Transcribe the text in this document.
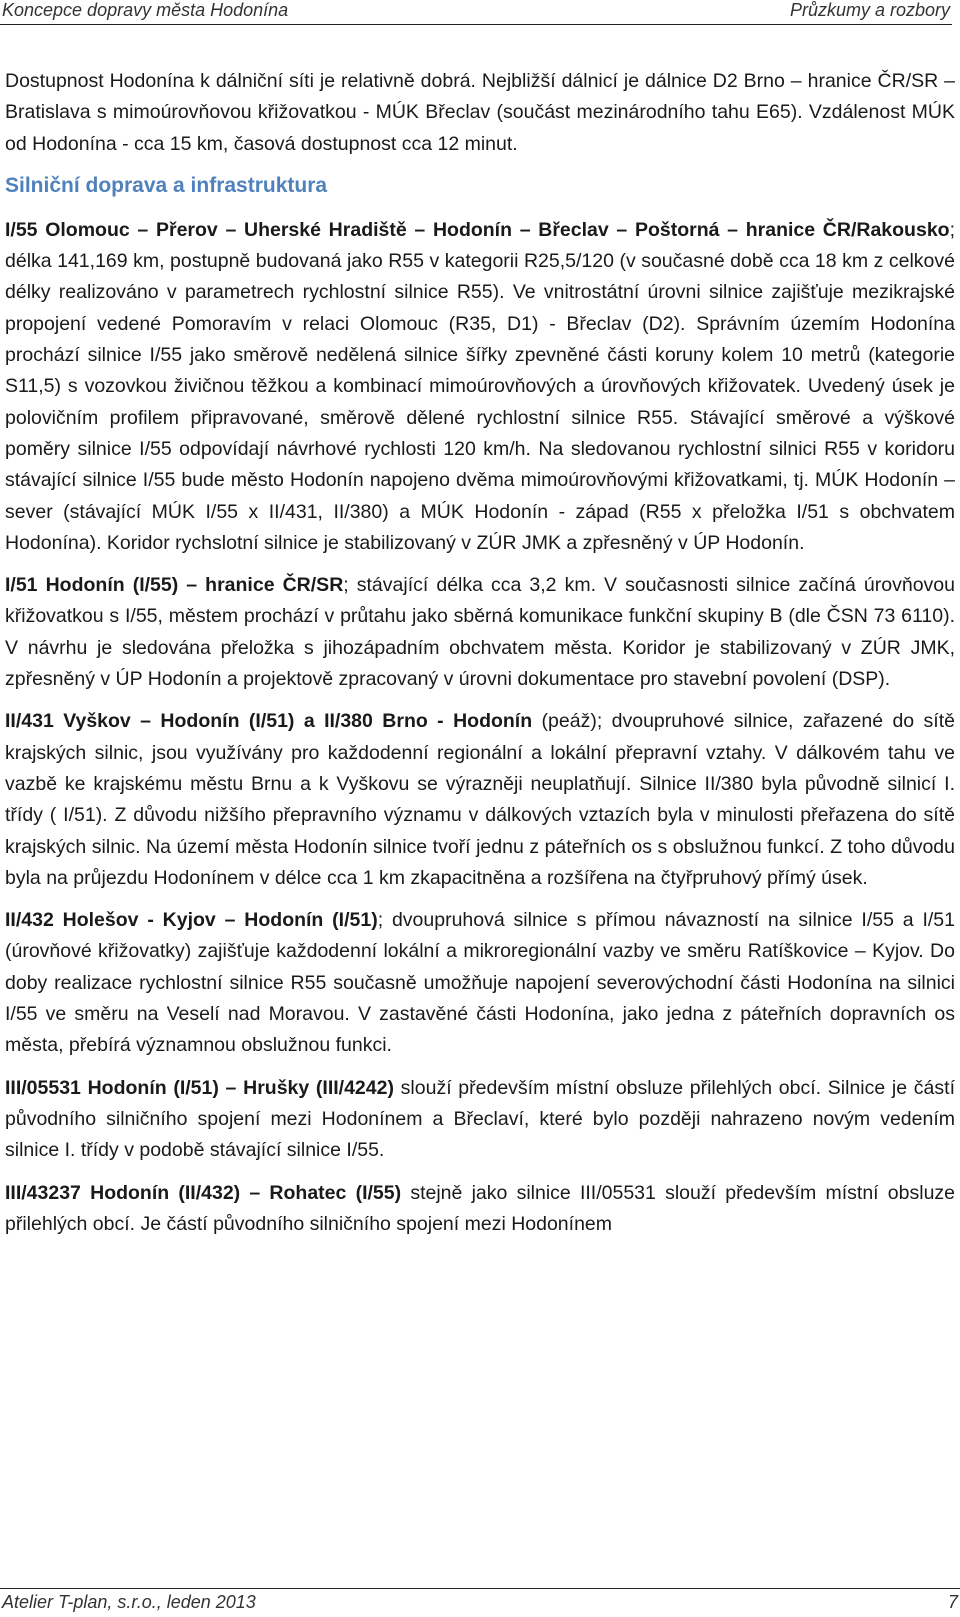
Koncepce dopravy města Hodonína	Průzkumy a rozbory

Dostupnost Hodonína k dálniční síti je relativně dobrá. Nejbližší dálnicí je dálnice D2 Brno – hranice ČR/SR – Bratislava s mimoúrovňovou křižovatkou - MÚK Břeclav (součást mezinárodního tahu E65). Vzdálenost MÚK od Hodonína - cca 15 km, časová dostupnost cca 12 minut.

Silniční doprava a infrastruktura

I/55 Olomouc – Přerov – Uherské Hradiště – Hodonín – Břeclav – Poštorná – hranice ČR/Rakousko; délka 141,169 km, postupně budovaná jako R55 v kategorii R25,5/120 (v současné době cca 18 km z celkové délky realizováno v parametrech rychlostní silnice R55). Ve vnitrostátní úrovni silnice zajišťuje mezikrajské propojení vedené Pomoravím v relaci Olomouc (R35, D1) - Břeclav (D2). Správním územím Hodonína prochází silnice I/55 jako směrově nedělená silnice šířky zpevněné části koruny kolem 10 metrů (kategorie S11,5) s vozovkou živičnou těžkou a kombinací mimoúrovňových a úrovňových křižovatek. Uvedený úsek je polovičním profilem připravované, směrově dělené rychlostní silnice R55. Stávající směrové a výškové poměry silnice I/55 odpovídají návrhové rychlosti 120 km/h. Na sledovanou rychlostní silnici R55 v koridoru stávající silnice I/55 bude město Hodonín napojeno dvěma mimoúrovňovými křižovatkami, tj. MÚK Hodonín – sever (stávající MÚK I/55 x II/431, II/380) a MÚK Hodonín - západ (R55 x přeložka I/51 s obchvatem Hodonína). Koridor rychslotní silnice je stabilizovaný v ZÚR JMK a zpřesněný v ÚP Hodonín.

I/51 Hodonín (I/55) – hranice ČR/SR; stávající délka cca 3,2 km. V současnosti silnice začíná úrovňovou křižovatkou s I/55, městem prochází v průtahu jako sběrná komunikace funkční skupiny B (dle ČSN 73 6110). V návrhu je sledována přeložka s jihozápadním obchvatem města. Koridor je stabilizovaný v ZÚR JMK, zpřesněný v ÚP Hodonín a projektově zpracovaný v úrovni dokumentace pro stavební povolení (DSP).

II/431 Vyškov – Hodonín (I/51) a II/380 Brno - Hodonín (peáž); dvoupruhové silnice, zařazené do sítě krajských silnic, jsou využívány pro každodenní regionální a lokální přepravní vztahy. V dálkovém tahu ve vazbě ke krajskému městu Brnu a k Vyškovu se výrazněji neuplatňují. Silnice II/380 byla původně silnicí I. třídy ( I/51). Z důvodu nižšího přepravního významu v dálkových vztazích byla v minulosti přeřazena do sítě krajských silnic. Na území města Hodonín silnice tvoří jednu z páteřních os s obslužnou funkcí. Z toho důvodu byla na průjezdu Hodonínem v délce cca 1 km zkapacitněna a rozšířena na čtyřpruhový přímý úsek.

II/432 Holešov - Kyjov – Hodonín (I/51); dvoupruhová silnice s přímou návazností na silnice I/55 a I/51 (úrovňové křižovatky) zajišťuje každodenní lokální a mikroregionální vazby ve směru Ratíškovice – Kyjov. Do doby realizace rychlostní silnice R55 současně umožňuje napojení severovýchodní části Hodonína na silnici I/55 ve směru na Veselí nad Moravou. V zastavěné části Hodonína, jako jedna z páteřních dopravních os města, přebírá významnou obslužnou funkci.

III/05531 Hodonín (I/51) – Hrušky (III/4242) slouží především místní obsluze přilehlých obcí. Silnice je částí původního silničního spojení mezi Hodonínem a Břeclaví, které bylo později nahrazeno novým vedením silnice I. třídy v podobě stávající silnice I/55.

III/43237 Hodonín (II/432) – Rohatec (I/55) stejně jako silnice III/05531 slouží především místní obsluze přilehlých obcí. Je částí původního silničního spojení mezi Hodonínem

Atelier T-plan, s.r.o., leden 2013	7
